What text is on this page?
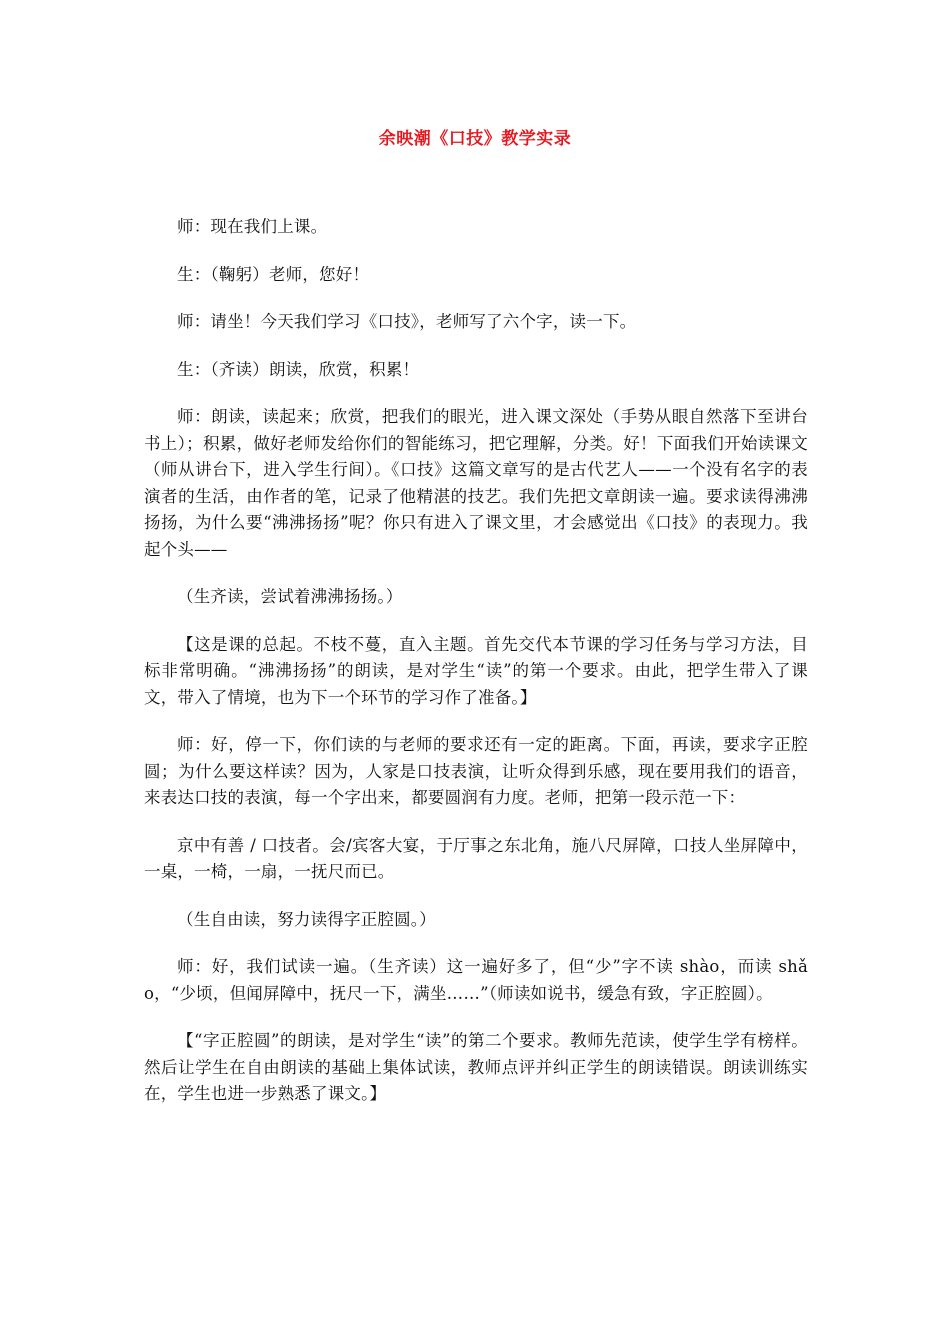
余映潮《口技》教学实录

师：现在我们上课。

生：（鞠躬）老师，您好！

师：请坐！今天我们学习《口技》，老师写了六个字，读一下。

生：（齐读）朗读，欣赏，积累！

师：朗读，读起来；欣赏，把我们的眼光，进入课文深处（手势从眼自然落下至讲台书上）；积累，做好老师发给你们的智能练习，把它理解，分类。好！下面我们开始读课文（师从讲台下，进入学生行间）。《口技》这篇文章写的是古代艺人——一个没有名字的表演者的生活，由作者的笔，记录了他精湛的技艺。我们先把文章朗读一遍。要求读得沸沸扬扬，为什么要“沸沸扬扬”呢？你只有进入了课文里，才会感觉出《口技》的表现力。我起个头——

（生齐读，尝试着沸沸扬扬。）

【这是课的总起。不枝不蔓，直入主题。首先交代本节课的学习任务与学习方法，目标非常明确。“沸沸扬扬”的朗读，是对学生“读”的第一个要求。由此，把学生带入了课文，带入了情境，也为下一个环节的学习作了准备。】

师：好，停一下，你们读的与老师的要求还有一定的距离。下面，再读，要求字正腔圆；为什么要这样读？因为，人家是口技表演，让听众得到乐感，现在要用我们的语音，来表达口技的表演，每一个字出来，都要圆润有力度。老师，把第一段示范一下：

京中有善 / 口技者。会/宾客大宴，于厅事之东北角，施八尺屏障，口技人坐屏障中，一桌，一椅，一扇，一抚尺而已。

（生自由读，努力读得字正腔圆。）

师：好，我们试读一遍。（生齐读）这一遍好多了，但“少”字不读 shào，而读 shǎo，“少顷，但闻屏障中，抚尺一下，满坐……”（师读如说书，缓急有致，字正腔圆）。

【“字正腔圆”的朗读，是对学生“读”的第二个要求。教师先范读，使学生学有榜样。然后让学生在自由朗读的基础上集体试读，教师点评并纠正学生的朗读错误。朗读训练实在，学生也进一步熟悉了课文。】
